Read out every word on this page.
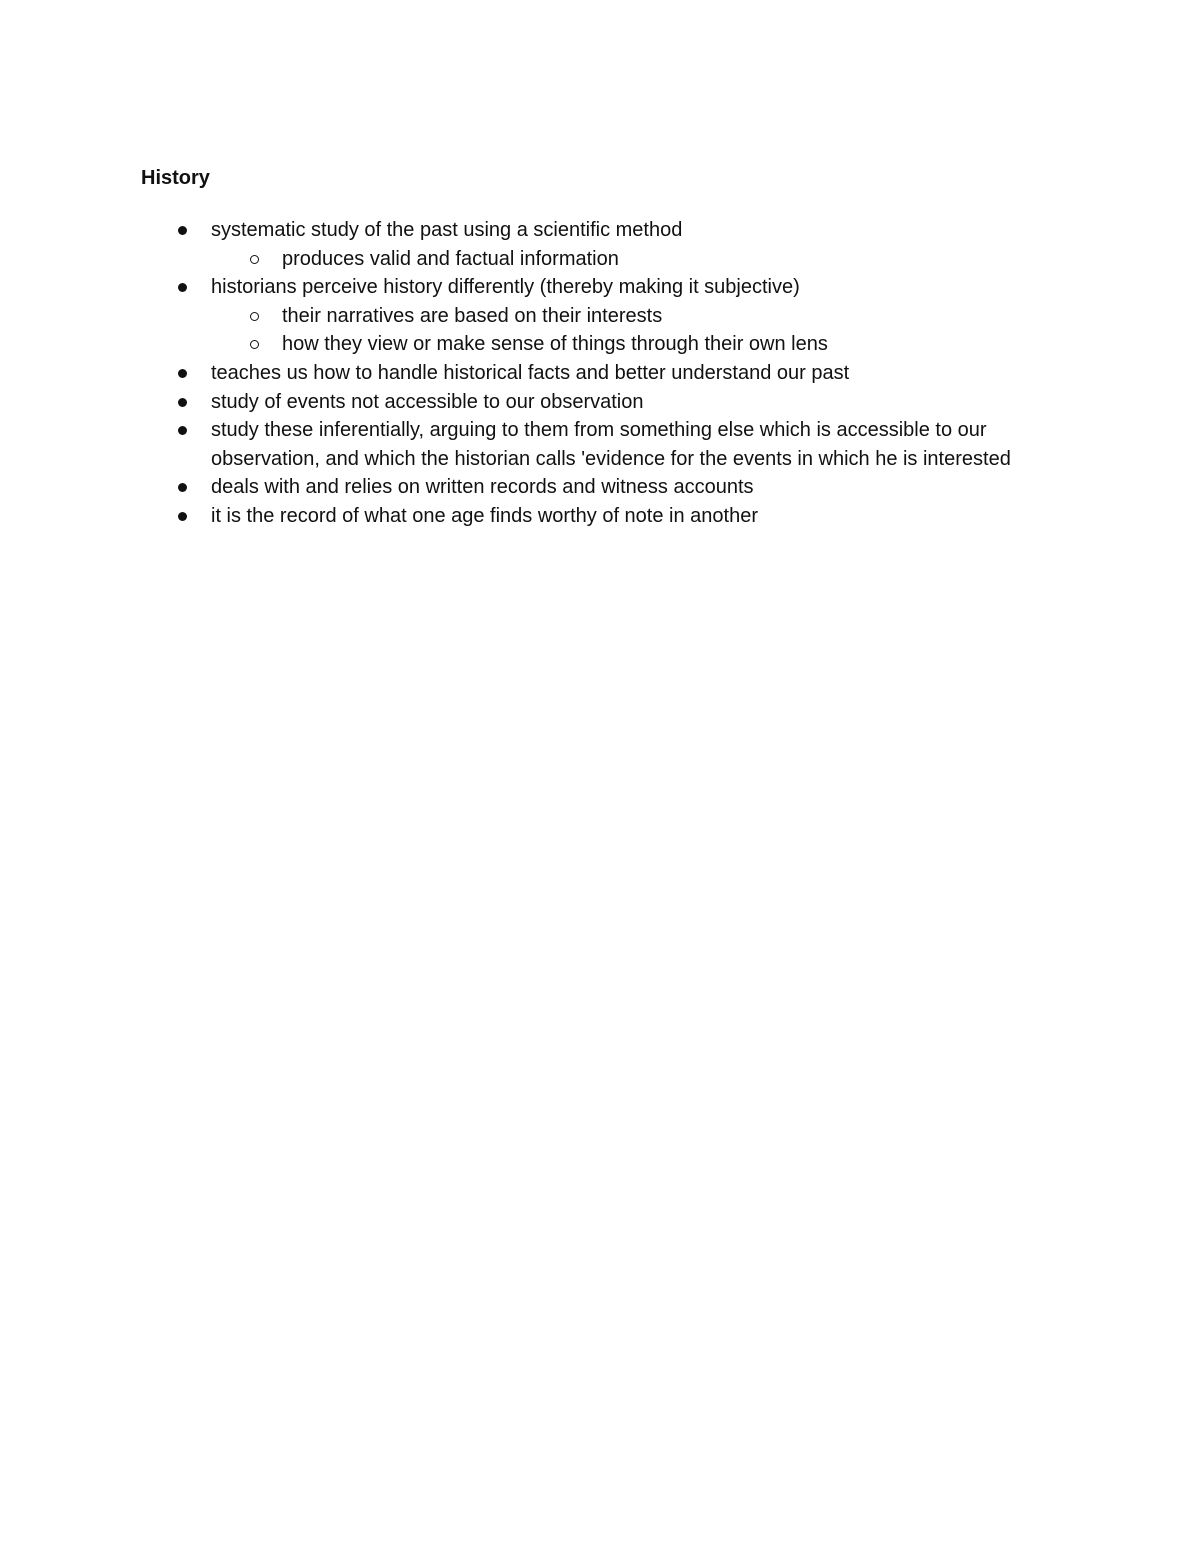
History
systematic study of the past using a scientific method
produces valid and factual information
historians perceive history differently (thereby making it subjective)
their narratives are based on their interests
how they view or make sense of things through their own lens
teaches us how to handle historical facts and better understand our past
study of events not accessible to our observation
study these inferentially, arguing to them from something else which is accessible to our observation, and which the historian calls 'evidence for the events in which he is interested
deals with and relies on written records and witness accounts
it is the record of what one age finds worthy of note in another
